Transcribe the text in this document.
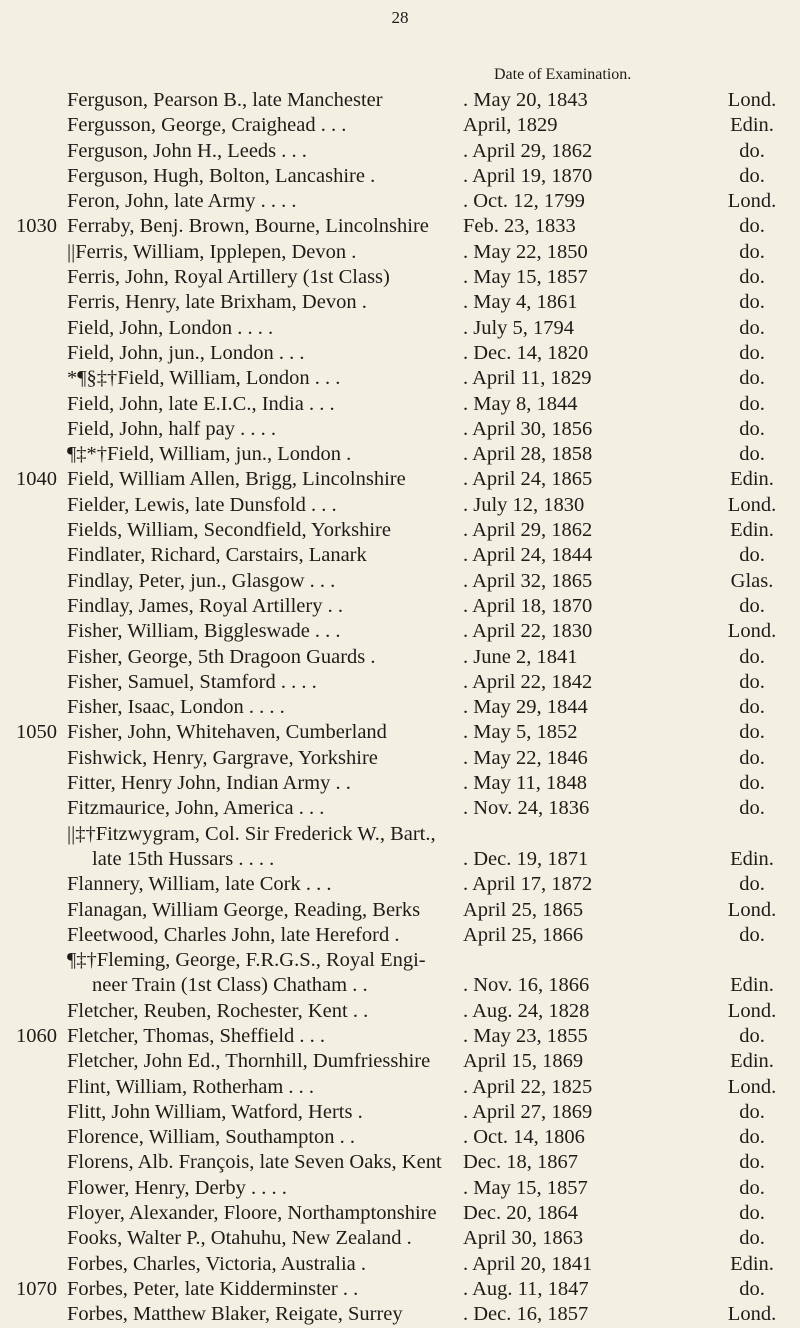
28
Date of Examination.
Ferguson, Pearson B., late Manchester	. May 20, 1843	Lond.
Fergusson, George, Craighead . . .	April, 1829	Edin.
Ferguson, John H., Leeds . . .	. April 29, 1862	do.
Ferguson, Hugh, Bolton, Lancashire .	. April 19, 1870	do.
Feron, John, late Army . . . .	. Oct. 12, 1799	Lond.
1030 Ferraby, Benj. Brown, Bourne, Lincolnshire	Feb. 23, 1833	do.
||Ferris, William, Ipplepen, Devon .	. May 22, 1850	do.
Ferris, John, Royal Artillery (1st Class)	. May 15, 1857	do.
Ferris, Henry, late Brixham, Devon .	. May 4, 1861	do.
Field, John, London . . . .	. July 5, 1794	do.
Field, John, jun., London . . .	. Dec. 14, 1820	do.
*¶§‡†Field, William, London . . .	. April 11, 1829	do.
Field, John, late E.I.C., India . . .	. May 8, 1844	do.
Field, John, half pay . . . .	. April 30, 1856	do.
¶‡*†Field, William, jun., London .	. April 28, 1858	do.
1040 Field, William Allen, Brigg, Lincolnshire	. April 24, 1865	Edin.
Fielder, Lewis, late Dunsfold . . .	. July 12, 1830	Lond.
Fields, William, Secondfield, Yorkshire	. April 29, 1862	Edin.
Findlater, Richard, Carstairs, Lanark	. April 24, 1844	do.
Findlay, Peter, jun., Glasgow . . .	. April 32, 1865	Glas.
Findlay, James, Royal Artillery . .	. April 18, 1870	do.
Fisher, William, Biggleswade . . .	. April 22, 1830	Lond.
Fisher, George, 5th Dragoon Guards .	. June 2, 1841	do.
Fisher, Samuel, Stamford . . . .	. April 22, 1842	do.
Fisher, Isaac, London . . . .	. May 29, 1844	do.
1050 Fisher, John, Whitehaven, Cumberland	. May 5, 1852	do.
Fishwick, Henry, Gargrave, Yorkshire	. May 22, 1846	do.
Fitter, Henry John, Indian Army . .	. May 11, 1848	do.
Fitzmaurice, John, America . . .	. Nov. 24, 1836	do.
||‡†Fitzwygram, Col. Sir Frederick W., Bart.,
late 15th Hussars . . . .	. Dec. 19, 1871	Edin.
Flannery, William, late Cork . . .	. April 17, 1872	do.
Flanagan, William George, Reading, Berks	April 25, 1865	Lond.
Fleetwood, Charles John, late Hereford .	April 25, 1866	do.
¶‡†Fleming, George, F.R.G.S., Royal Engi-
neer Train (1st Class) Chatham . .	. Nov. 16, 1866	Edin.
Fletcher, Reuben, Rochester, Kent . .	. Aug. 24, 1828	Lond.
1060 Fletcher, Thomas, Sheffield . . .	. May 23, 1855	do.
Fletcher, John Ed., Thornhill, Dumfriesshire	April 15, 1869	Edin.
Flint, William, Rotherham . . .	. April 22, 1825	Lond.
Flitt, John William, Watford, Herts .	. April 27, 1869	do.
Florence, William, Southampton . .	. Oct. 14, 1806	do.
Florens, Alb. François, late Seven Oaks, Kent Dec. 18, 1867	do.
Flower, Henry, Derby . . . .	. May 15, 1857	do.
Floyer, Alexander, Floore, Northamptonshire	Dec. 20, 1864	do.
Fooks, Walter P., Otahuhu, New Zealand .	April 30, 1863	do.
Forbes, Charles, Victoria, Australia .	. April 20, 1841	Edin.
1070 Forbes, Peter, late Kidderminster . .	. Aug. 11, 1847	do.
Forbes, Matthew Blaker, Reigate, Surrey	. Dec. 16, 1857	Lond.
